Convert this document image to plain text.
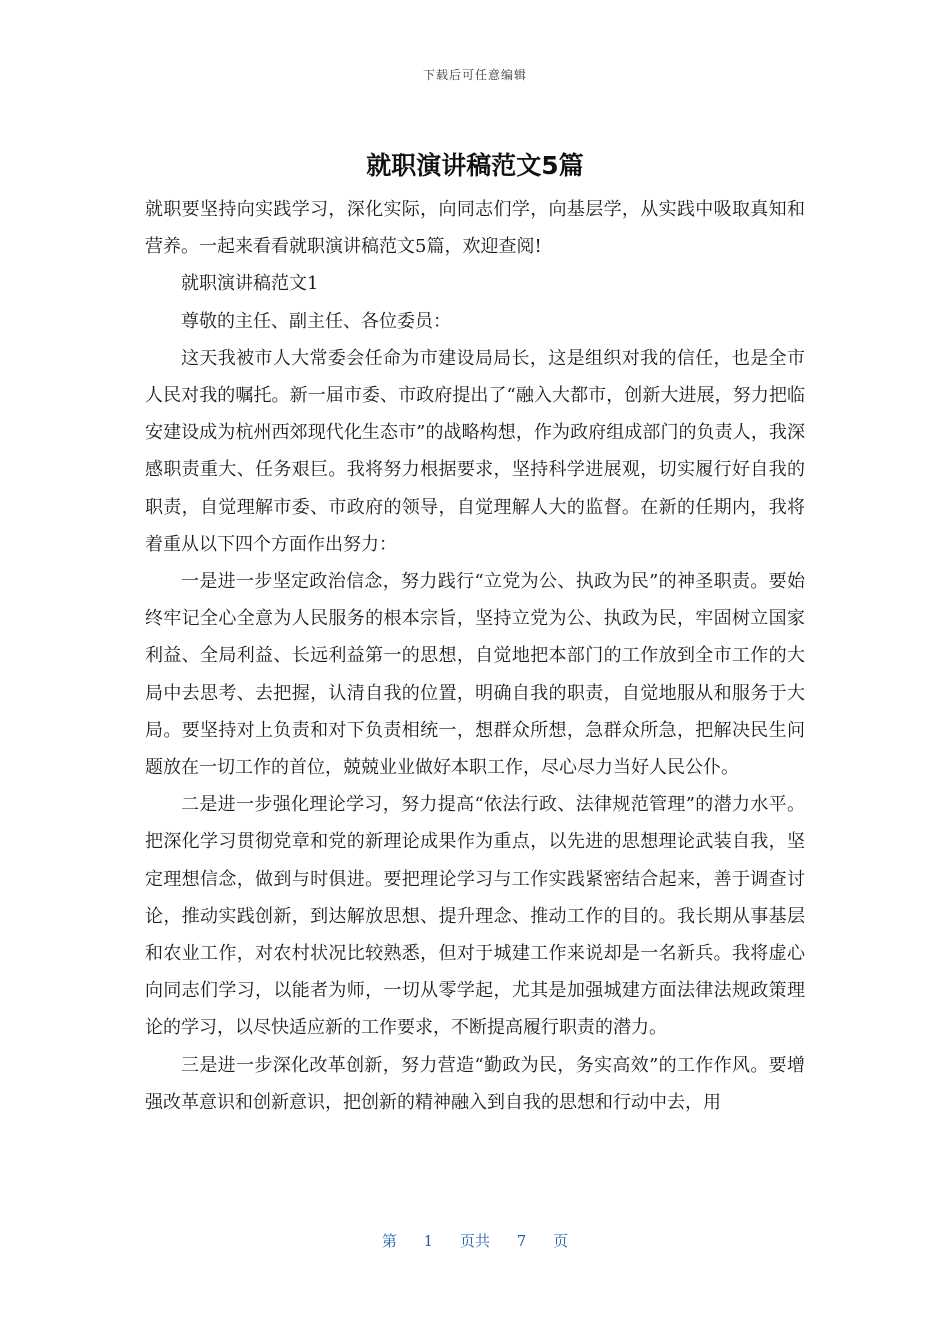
下载后可任意编辑
就职演讲稿范文5篇

就职要坚持向实践学习，深化实际，向同志们学，向基层学，从实践中吸取真知和营养。一起来看看就职演讲稿范文5篇，欢迎查阅!

就职演讲稿范文1

尊敬的主任、副主任、各位委员：

这天我被市人大常委会任命为市建设局局长，这是组织对我的信任，也是全市人民对我的嘱托。新一届市委、市政府提出了“融入大都市，创新大进展，努力把临安建设成为杭州西郊现代化生态市”的战略构想，作为政府组成部门的负责人，我深感职责重大、任务艰巨。我将努力根据要求，坚持科学进展观，切实履行好自我的职责，自觉理解市委、市政府的领导，自觉理解人大的监督。在新的任期内，我将着重从以下四个方面作出努力：

一是进一步坚定政治信念，努力践行“立党为公、执政为民”的神圣职责。要始终牢记全心全意为人民服务的根本宗旨，坚持立党为公、执政为民，牢固树立国家利益、全局利益、长远利益第一的思想，自觉地把本部门的工作放到全市工作的大局中去思考、去把握，认清自我的位置，明确自我的职责，自觉地服从和服务于大局。要坚持对上负责和对下负责相统一，想群众所想，急群众所急，把解决民生问题放在一切工作的首位，兢兢业业做好本职工作，尽心尽力当好人民公仆。

二是进一步强化理论学习，努力提高“依法行政、法律规范管理”的潜力水平。把深化学习贯彻党章和党的新理论成果作为重点，以先进的思想理论武装自我，坚定理想信念，做到与时俱进。要把理论学习与工作实践紧密结合起来，善于调查讨论，推动实践创新，到达解放思想、提升理念、推动工作的目的。我长期从事基层和农业工作，对农村状况比较熟悉，但对于城建工作来说却是一名新兵。我将虚心向同志们学习，以能者为师，一切从零学起，尤其是加强城建方面法律法规政策理论的学习，以尽快适应新的工作要求，不断提高履行职责的潜力。

三是进一步深化改革创新，努力营造“勤政为民，务实高效”的工作作风。要增强改革意识和创新意识，把创新的精神融入到自我的思想和行动中去，用

第 1 页共 7 页
